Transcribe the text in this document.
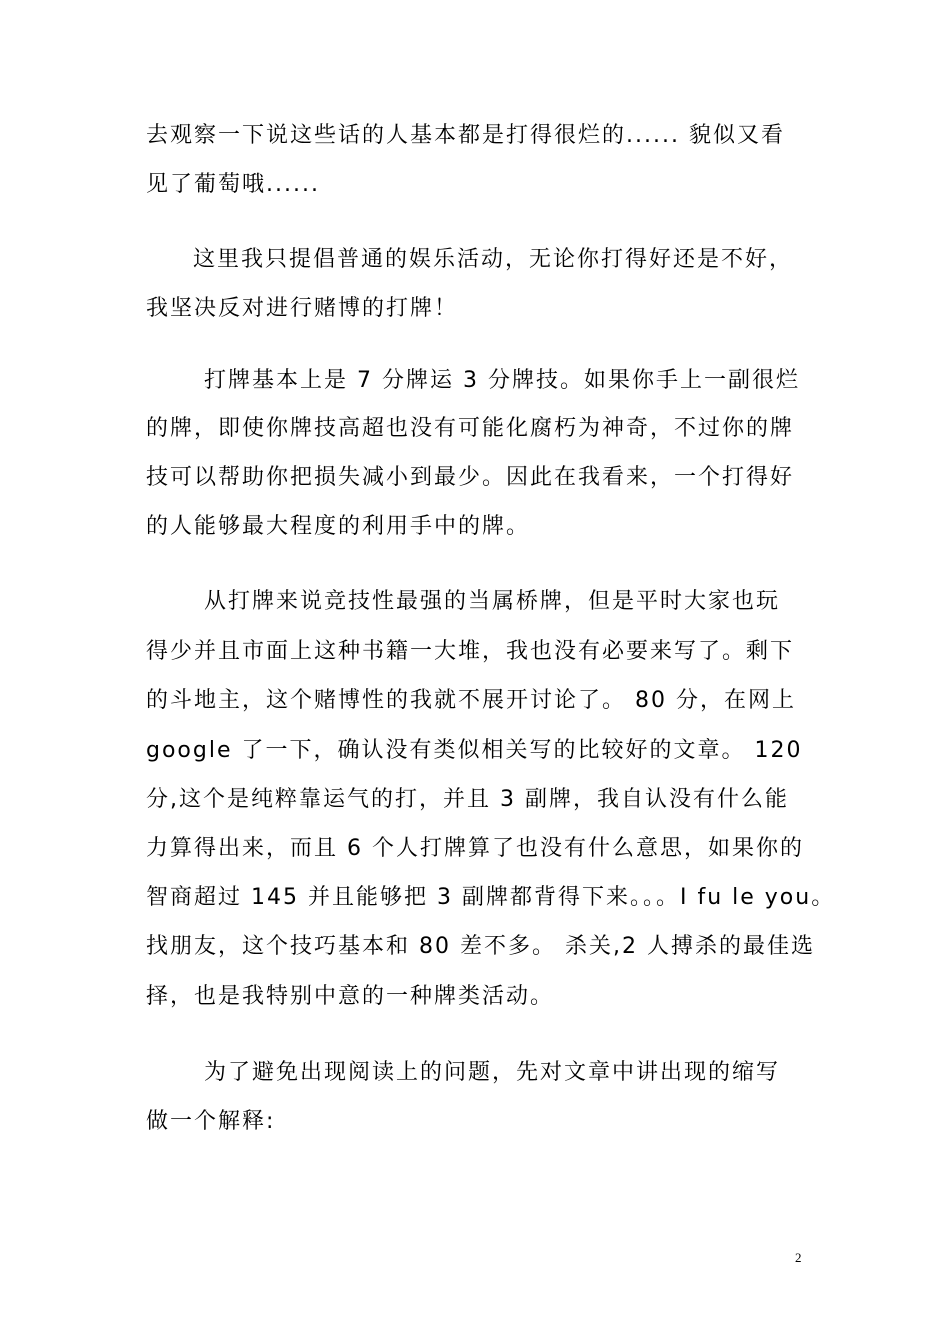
去观察一下说这些话的人基本都是打得很烂的...... 貌似又看
见了葡萄哦......
这里我只提倡普通的娱乐活动，无论你打得好还是不好，
我坚决反对进行赌博的打牌！
打牌基本上是 7 分牌运 3 分牌技。如果你手上一副很烂
的牌，即使你牌技高超也没有可能化腐朽为神奇，不过你的牌
技可以帮助你把损失减小到最少。因此在我看来，一个打得好
的人能够最大程度的利用手中的牌。
从打牌来说竞技性最强的当属桥牌，但是平时大家也玩
得少并且市面上这种书籍一大堆，我也没有必要来写了。剩下
的斗地主，这个赌博性的我就不展开讨论了。 80 分，在网上
google 了一下，确认没有类似相关写的比较好的文章。 120
分,这个是纯粹靠运气的打，并且 3 副牌，我自认没有什么能
力算得出来，而且 6 个人打牌算了也没有什么意思，如果你的
智商超过 145 并且能够把 3 副牌都背得下来。。。I fu le you。
找朋友，这个技巧基本和 80 差不多。 杀关,2 人搏杀的最佳选
择，也是我特别中意的一种牌类活动。
为了避免出现阅读上的问题，先对文章中讲出现的缩写
做一个解释:
2
